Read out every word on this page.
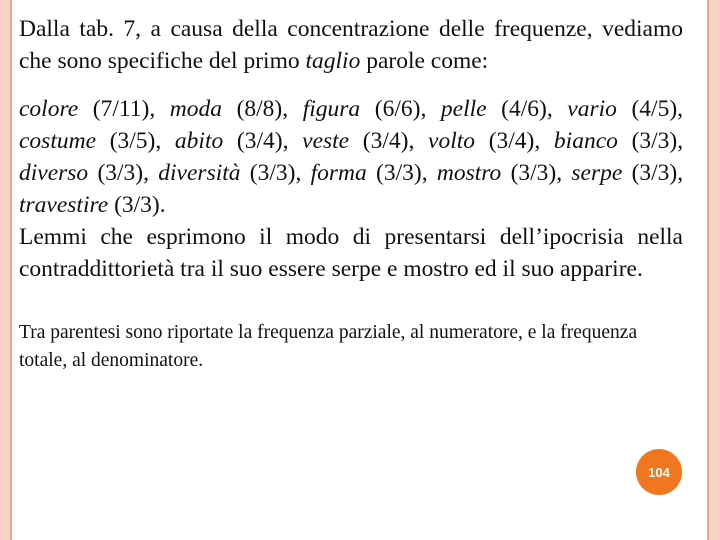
Dalla tab. 7, a causa della concentrazione delle frequenze, vediamo che sono specifiche del primo taglio parole come:

colore (7/11), moda (8/8), figura (6/6), pelle (4/6), vario (4/5), costume (3/5), abito (3/4), veste (3/4), volto (3/4), bianco (3/3), diverso (3/3), diversità (3/3), forma (3/3), mostro (3/3), serpe (3/3), travestire (3/3).
Lemmi che esprimono il modo di presentarsi dell’ipocrisia nella contraddittorietà tra il suo essere serpe e mostro ed il suo apparire.

Tra parentesi sono riportate la frequenza parziale, al numeratore, e la frequenza totale, al denominatore.

104
